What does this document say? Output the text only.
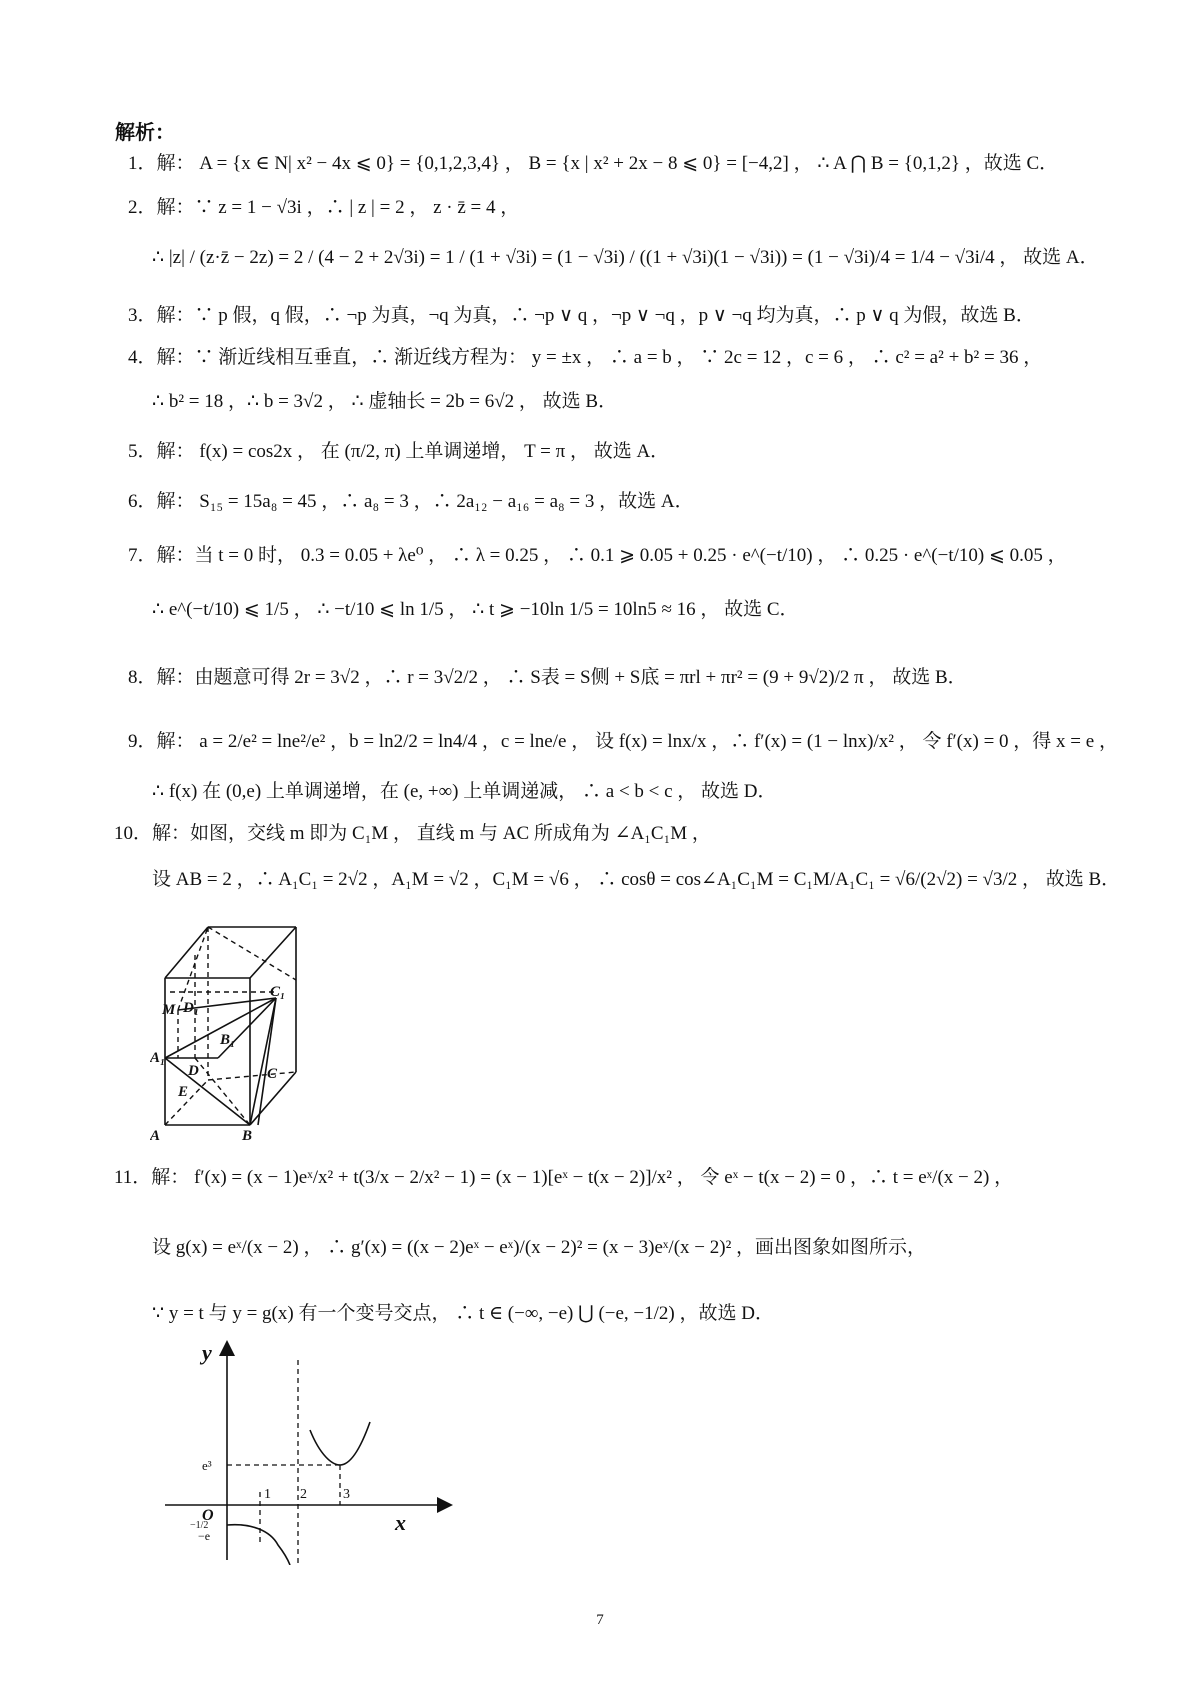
解析：
1．解： A = {x ∈ N| x² − 4x ⩽ 0} = {0,1,2,3,4} ， B = {x | x² + 2x − 8 ⩽ 0} = [−4,2] ， ∴ A ⋂ B = {0,1,2} ，故选 C．
2．解：∵ z = 1 − √3i ，∴ | z | = 2 ， z · z̄ = 4 ，
∴ |z| / (z·z̄ − 2z) = 2 / (4 − 2 + 2√3i) = 1 / (1 + √3i) = (1 − √3i) / ((1 + √3i)(1 − √3i)) = (1 − √3i)/4 = 1/4 − √3i/4 ， 故选 A．
3．解：∵ p 假，q 假，∴ ¬p 为真，¬q 为真，∴ ¬p ∨ q ，¬p ∨ ¬q ，p ∨ ¬q 均为真，∴ p ∨ q 为假，故选 B．
4．解：∵ 渐近线相互垂直，∴ 渐近线方程为： y = ±x ， ∴ a = b ， ∵ 2c = 12 ，c = 6 ， ∴ c² = a² + b² = 36 ，
∴ b² = 18 ，∴ b = 3√2 ， ∴ 虚轴长 = 2b = 6√2 ， 故选 B．
5．解： f(x) = cos2x ， 在 (π/2, π) 上单调递增， T = π ， 故选 A．
6．解： S₁₅ = 15a₈ = 45 ，∴ a₈ = 3 ，∴ 2a₁₂ − a₁₆ = a₈ = 3 ，故选 A．
7．解：当 t = 0 时， 0.3 = 0.05 + λe⁰ ， ∴ λ = 0.25 ， ∴ 0.1 ⩾ 0.05 + 0.25 · e^(−t/10) ， ∴ 0.25 · e^(−t/10) ⩽ 0.05 ，
∴ e^(−t/10) ⩽ 1/5 ， ∴ −t/10 ⩽ ln 1/5 ， ∴ t ⩾ −10ln 1/5 = 10ln5 ≈ 16 ， 故选 C．
8．解：由题意可得 2r = 3√2 ，∴ r = 3√2/2 ， ∴ S表 = S侧 + S底 = πrl + πr² = (9 + 9√2)/2 π ， 故选 B．
9．解： a = 2/e² = lne²/e² ，b = ln2/2 = ln4/4 ，c = lne/e ， 设 f(x) = lnx/x ，∴ f′(x) = (1 − lnx)/x² ， 令 f′(x) = 0 ，得 x = e ，
∴ f(x) 在 (0,e) 上单调递增，在 (e, +∞) 上单调递减， ∴ a < b < c ， 故选 D．
10．解：如图，交线 m 即为 C₁M ， 直线 m 与 AC 所成角为 ∠A₁C₁M ，
设 AB = 2 ，∴ A₁C₁ = 2√2 ，A₁M = √2 ，C₁M = √6 ， ∴ cosθ = cos∠A₁C₁M = C₁M/A₁C₁ = √6/(2√2) = √3/2 ， 故选 B．
C₁
M D₁
B₁
A₁
D	C
E
A	B
11．解： f′(x) = (x − 1)eˣ/x² + t(3/x − 2/x² − 1) = (x − 1)[eˣ − t(x − 2)]/x² ， 令 eˣ − t(x − 2) = 0 ，∴ t = eˣ/(x − 2) ，
设 g(x) = eˣ/(x − 2) ， ∴ g′(x) = ((x − 2)eˣ − eˣ)/(x − 2)² = (x − 3)eˣ/(x − 2)² ，画出图象如图所示，
∵ y = t 与 y = g(x) 有一个变号交点， ∴ t ∈ (−∞, −e) ⋃ (−e, −1/2) ，故选 D．
y
x
O
e³
1 2	3
−1/2
−e
7
